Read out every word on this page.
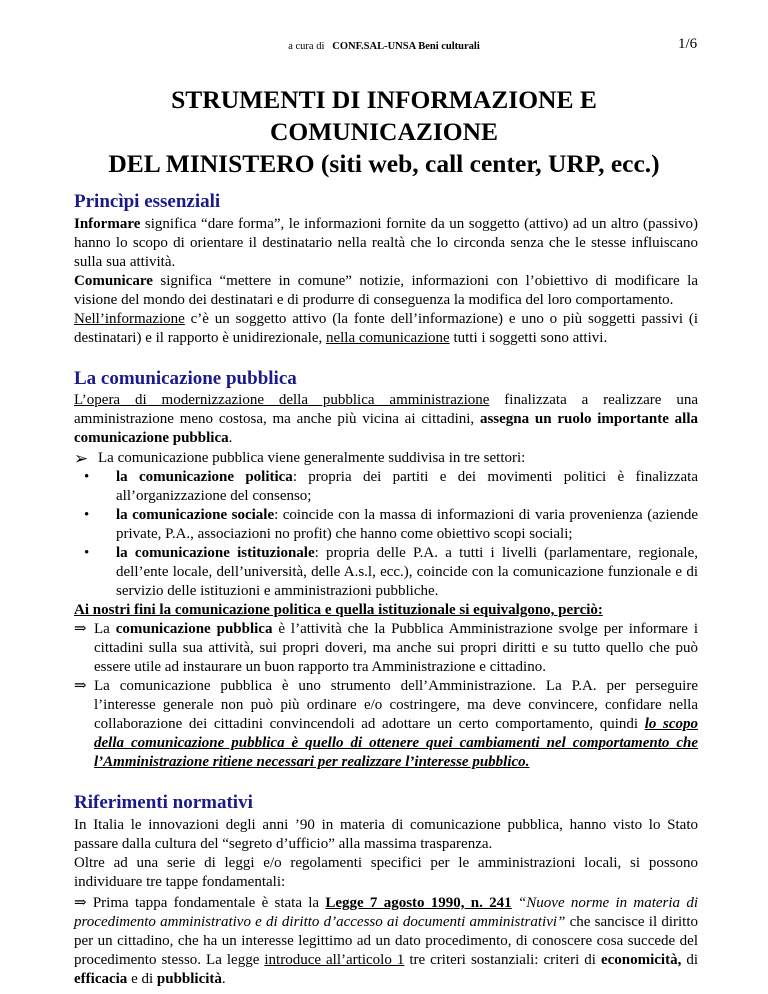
a cura di CONF.SAL-UNSA Beni culturali	1/6
STRUMENTI DI INFORMAZIONE E COMUNICAZIONE
DEL MINISTERO (siti web, call center, URP, ecc.)
Princìpi essenziali

Informare significa “dare forma”, le informazioni fornite da un soggetto (attivo) ad un altro (passivo) hanno lo scopo di orientare il destinatario nella realtà che lo circonda senza che le stesse influiscano sulla sua attività.

Comunicare significa “mettere in comune” notizie, informazioni con l’obiettivo di modificare la visione del mondo dei destinatari e di produrre di conseguenza la modifica del loro comportamento.

Nell’informazione c’è un soggetto attivo (la fonte dell’informazione) e uno o più soggetti passivi (i destinatari) e il rapporto è unidirezionale, nella comunicazione tutti i soggetti sono attivi.

La comunicazione pubblica

L’opera di modernizzazione della pubblica amministrazione finalizzata a realizzare una amministrazione meno costosa, ma anche più vicina ai cittadini, assegna un ruolo importante alla comunicazione pubblica.

➢ La comunicazione pubblica viene generalmente suddivisa in tre settori:
• la comunicazione politica: propria dei partiti e dei movimenti politici è finalizzata all’organizzazione del consenso;
• la comunicazione sociale: coincide con la massa di informazioni di varia provenienza (aziende private, P.A., associazioni no profit) che hanno come obiettivo scopi sociali;
• la comunicazione istituzionale: propria delle P.A. a tutti i livelli (parlamentare, regionale, dell’ente locale, dell’università, delle A.s.l, ecc.), coincide con la comunicazione funzionale e di servizio delle istituzioni e amministrazioni pubbliche.

Ai nostri fini la comunicazione politica e quella istituzionale si equivalgono, perciò:

⇒ La comunicazione pubblica è l’attività che la Pubblica Amministrazione svolge per informare i cittadini sulla sua attività, sui propri doveri, ma anche sui propri diritti e su tutto quello che può essere utile ad instaurare un buon rapporto tra Amministrazione e cittadino.
⇒ La comunicazione pubblica è uno strumento dell’Amministrazione. La P.A. per perseguire l’interesse generale non può più ordinare e/o costringere, ma deve convincere, confidare nella collaborazione dei cittadini convincendoli ad adottare un certo comportamento, quindi lo scopo della comunicazione pubblica è quello di ottenere quei cambiamenti nel comportamento che l’Amministrazione ritiene necessari per realizzare l’interesse pubblico.
Riferimenti normativi

In Italia le innovazioni degli anni ’90 in materia di comunicazione pubblica, hanno visto lo Stato passare dalla cultura del “segreto d’ufficio” alla massima trasparenza.

Oltre ad una serie di leggi e/o regolamenti specifici per le amministrazioni locali, si possono individuare tre tappe fondamentali:

⇒ Prima tappa fondamentale è stata la Legge 7 agosto 1990, n. 241 “Nuove norme in materia di procedimento amministrativo e di diritto d’accesso ai documenti amministrativi” che sancisce il diritto per un cittadino, che ha un interesse legittimo ad un dato procedimento, di conoscere cosa succede del procedimento stesso. La legge introduce all’articolo 1 tre criteri sostanziali: criteri di economicità, di efficacia e di pubblicità.
